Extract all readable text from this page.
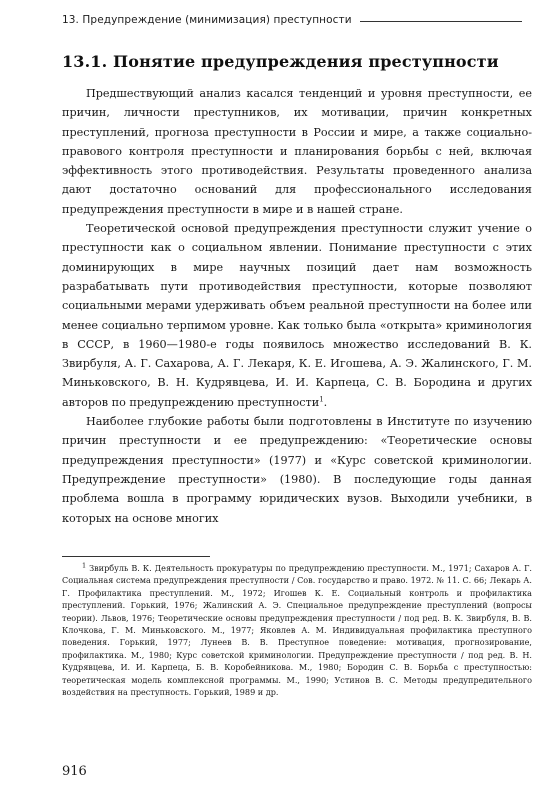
13. Предупреждение (минимизация) преступности
13.1. Понятие предупреждения преступности

Предшествующий анализ касался тенденций и уровня преступности, ее причин, личности преступников, их мотивации, причин конкретных преступлений, прогноза преступности в России и мире, а также социально-правового контроля преступности и планирования борьбы с ней, включая эффективность этого противодействия. Результаты проведенного анализа дают достаточно оснований для профессионального исследования предупреждения преступности в мире и в нашей стране.

Теоретической основой предупреждения преступности служит учение о преступности как о социальном явлении. Понимание преступности с этих доминирующих в мире научных позиций дает нам возможность разрабатывать пути противодействия преступности, которые позволяют социальными мерами удерживать объем реальной преступности на более или менее социально терпимом уровне. Как только была «открыта» криминология в СССР, в 1960—1980-е годы появилось множество исследований В. К. Звирбуля, А. Г. Сахарова, А. Г. Лекаря, К. Е. Игошева, А. Э. Жалинского, Г. М. Миньковского, В. Н. Кудрявцева, И. И. Карпеца, С. В. Бородина и других авторов по предупреждению преступности$^1$.

Наиболее глубокие работы были подготовлены в Институте по изучению причин преступности и ее предупреждению: «Теоретические основы предупреждения преступности» (1977) и «Курс советской криминологии. Предупреждение преступности» (1980). В последующие годы данная проблема вошла в программу юридических вузов. Выходили учебники, в которых на основе многих

$^1$ Звирбуль В. К. Деятельность прокуратуры по предупреждению преступности. М., 1971; Сахаров А. Г. Социальная система предупреждения преступности / Сов. государство и право. 1972. № 11. С. 66; Лекарь А. Г. Профилактика преступлений. М., 1972; Игошев К. Е. Социальный контроль и профилактика преступлений. Горький, 1976; Жалинский А. Э. Специальное предупреждение преступлений (вопросы теории). Львов, 1976; Теоретические основы предупреждения преступности / под ред. В. К. Звирбуля, В. В. Клочкова, Г. М. Миньковского. М., 1977; Яковлев А. М. Индивидуальная профилактика преступного поведения. Горький, 1977; Лунеев В. В. Преступное поведение: мотивация, прогнозирование, профилактика. М., 1980; Курс советской криминологии. Предупреждение преступности / под ред. В. Н. Кудрявцева, И. И. Карпеца, Б. В. Коробейникова. М., 1980; Бородин С. В. Борьба с преступностью: теоретическая модель комплексной программы. М., 1990; Устинов В. С. Методы предупредительного воздействия на преступность. Горький, 1989 и др.

916
